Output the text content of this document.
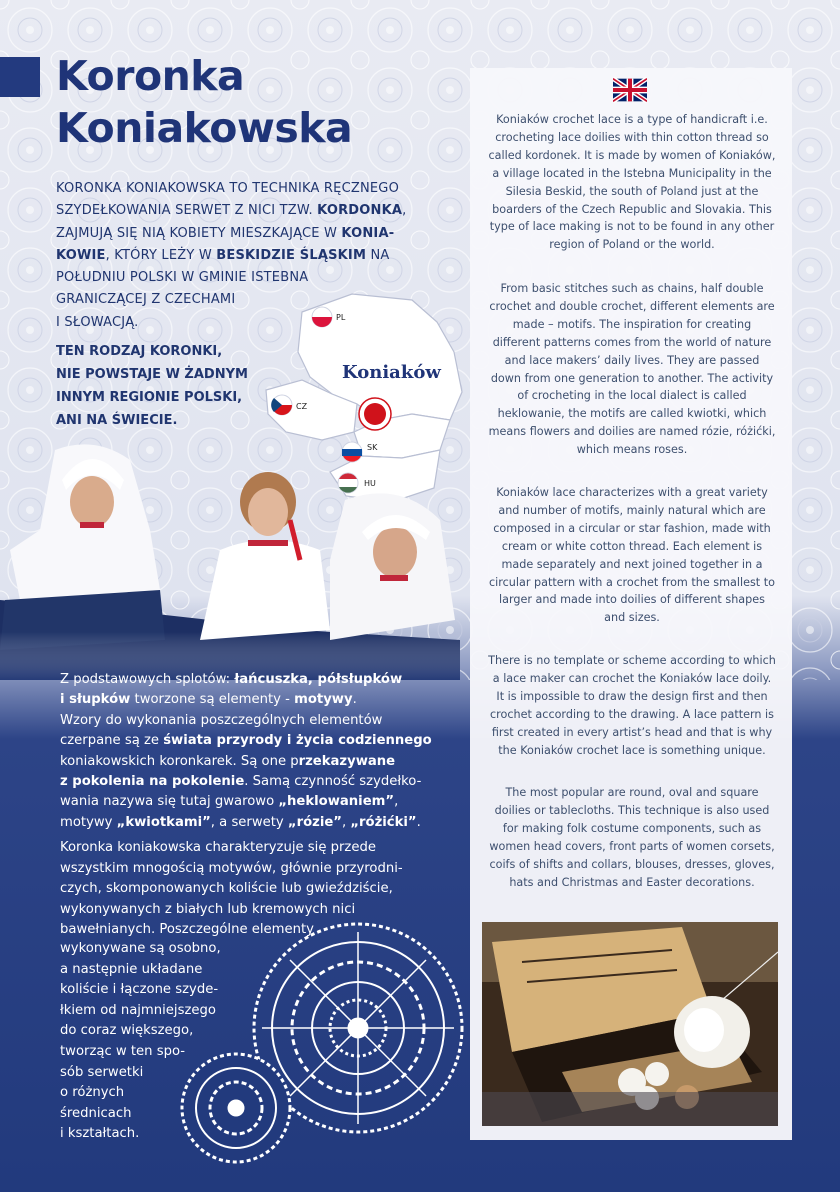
Koronka
Koniakowska

KORONKA KONIAKOWSKA TO TECHNIKA RĘCZNEGO
SZYDEŁKOWANIA SERWET Z NICI TZW. KORDONKA,
ZAJMUJĄ SIĘ NIĄ KOBIETY MIESZKAJĄCE W KONIA-
KOWIE, KTÓRY LEŻY W BESKIDZIE ŚLĄSKIM NA
POŁUDNIU POLSKI W GMINIE ISTEBNA
GRANICZĄCEJ Z CZECHAMI
I SŁOWACJĄ.

TEN RODZAJ KORONKI,
NIE POWSTAJE W ŻADNYM
INNYM REGIONIE POLSKI,
ANI NA ŚWIECIE.

PL
CZ
Koniaków

Z podstawowych splotów: łańcuszka, półsłupków
i słupków tworzone są elementy - motywy.
Wzory do wykonania poszczególnych elementów
czerpane są ze świata przyrody i życia codziennego
koniakowskich koronkarek. Są one przekazywane
z pokolenia na pokolenie. Samą czynność szydełko-
wania nazywa się tutaj gwarowo „heklowaniem”,
motywy „kwiotkami”, a serwety „rózie”, „różićki”.

Koronka koniakowska charakteryzuje się przede
wszystkim mnogością motywów, głównie przyrodni-
czych, skomponowanych koliście lub gwieździście,
wykonywanych z białych lub kremowych nici
bawełnianych. Poszczególne elementy

wykonywane są osobno,
a następnie układane
koliście i łączone szyde-
łkiem od najmniejszego
do coraz większego,
tworząc w ten spo-
sób serwetki
o różnych
średnicach
i kształtach.

Koniaków crochet lace is a type of handicraft i.e. crocheting lace doilies with thin cotton thread so called kordonek. It is made by women of Koniaków, a village located in the Istebna Municipality in the Silesia Beskid, the south of Poland just at the boarders of the Czech Republic and Slovakia. This type of lace making is not to be found in any other region of Poland or the world.

From basic stitches such as chains, half double crochet and double crochet, different elements are made – motifs. The inspiration for creating different patterns comes from the world of nature and lace makers’ daily lives. They are passed down from one generation to another. The activity of crocheting in the local dialect is called heklowanie, the motifs are called kwiotki, which means flowers and doilies are named rózie, różićki, which means roses.

Koniaków lace characterizes with a great variety and number of motifs, mainly natural which are composed in a circular or star fashion, made with cream or white cotton thread. Each element is made separately and next joined together in a circular pattern with a crochet from the smallest to larger and made into doilies of different shapes and sizes.

There is no template or scheme according to which a lace maker can crochet the Koniaków lace doily. It is impossible to draw the design first and then crochet according to the drawing. A lace pattern is first created in every artist’s head and that is why the Koniaków crochet lace is something unique.

The most popular are round, oval and square doilies or tablecloths. This technique is also used for making folk costume components, such as women head covers, front parts of women corsets, coifs of shifts and collars, blouses, dresses, gloves, hats and Christmas and Easter decorations.
